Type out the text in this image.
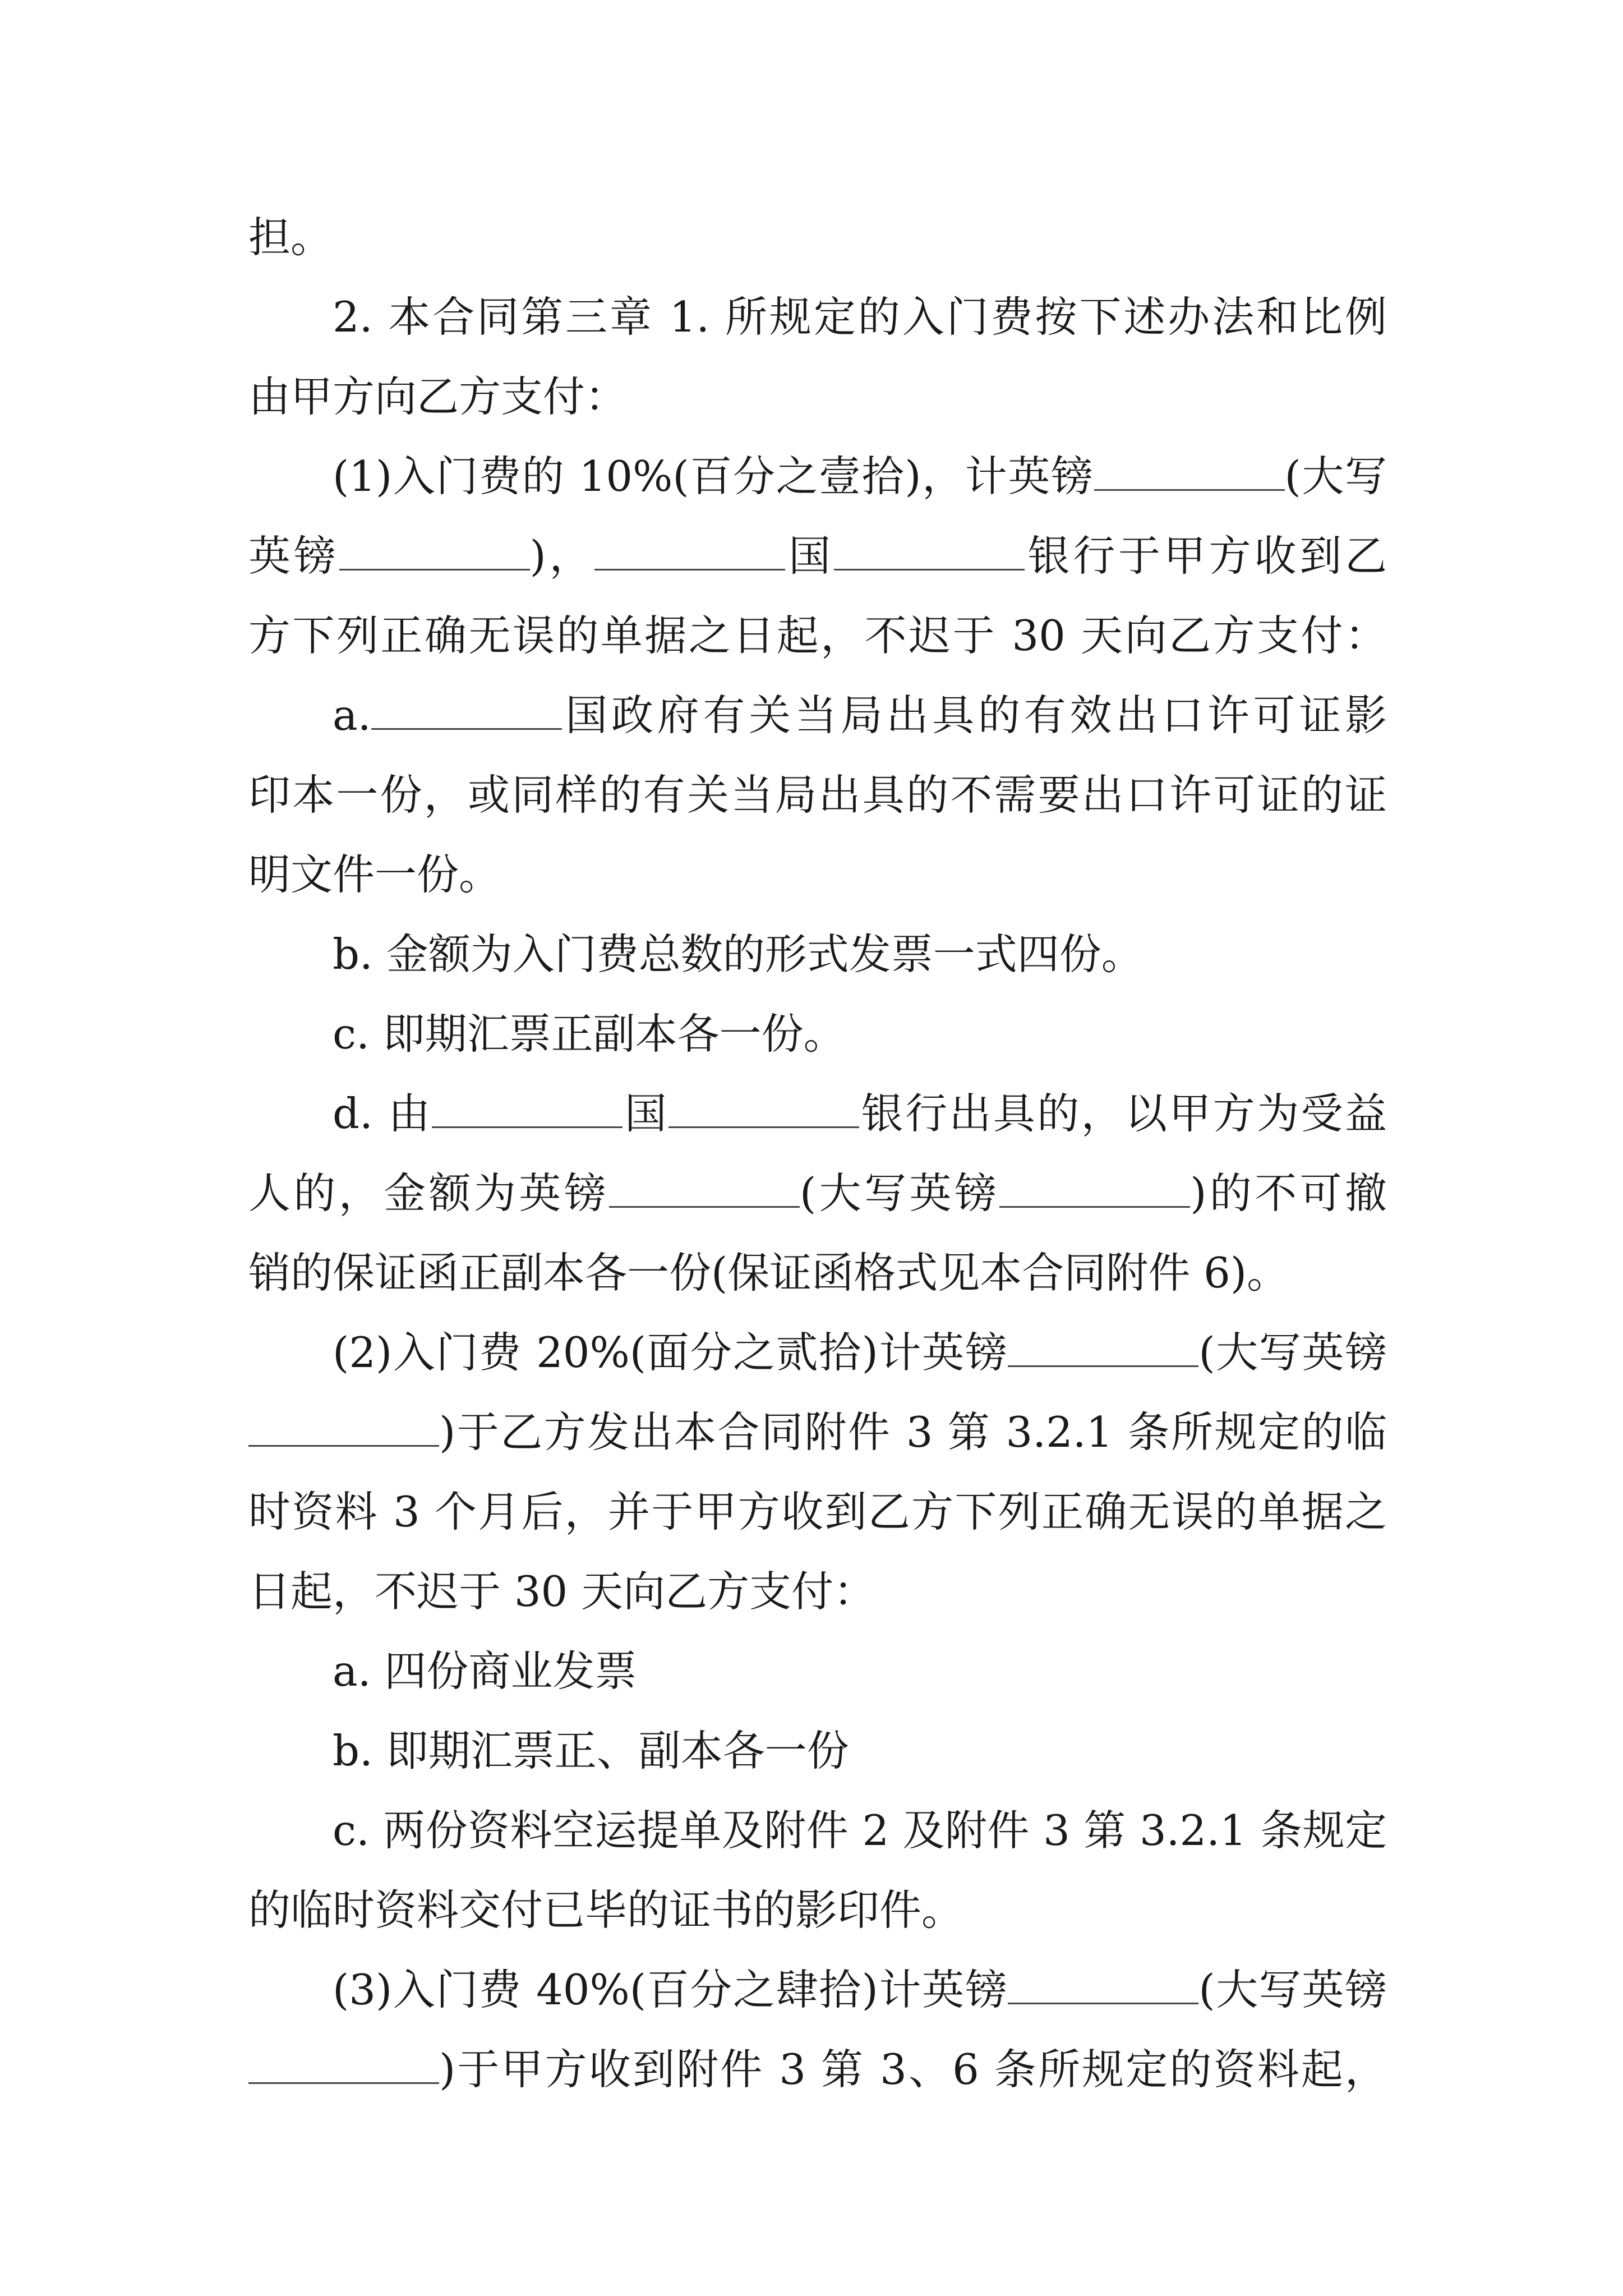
担。
2. 本合同第三章 1. 所规定的入门费按下述办法和比例
由甲方向乙方支付：
(1)入门费的 10%(百分之壹拾)，计英镑	(大写
英镑	)，	国	银行于甲方收到乙
方下列正确无误的单据之日起，不迟于 30 天向乙方支付：
a.	国政府有关当局出具的有效出口许可证影
印本一份，或同样的有关当局出具的不需要出口许可证的证
明文件一份。
b. 金额为入门费总数的形式发票一式四份。
c. 即期汇票正副本各一份。
d. 由	国	银行出具的，以甲方为受益
人的，金额为英镑	(大写英镑	)的不可撤
销的保证函正副本各一份(保证函格式见本合同附件 6)。
(2)入门费 20%(面分之贰拾)计英镑	(大写英镑
)于乙方发出本合同附件 3 第 3.2.1 条所规定的临
时资料 3 个月后，并于甲方收到乙方下列正确无误的单据之
日起，不迟于 30 天向乙方支付：
a. 四份商业发票
b. 即期汇票正、副本各一份
c. 两份资料空运提单及附件 2 及附件 3 第 3.2.1 条规定
的临时资料交付已毕的证书的影印件。
(3)入门费 40%(百分之肆拾)计英镑	(大写英镑
)于甲方收到附件 3 第 3、6 条所规定的资料起，
